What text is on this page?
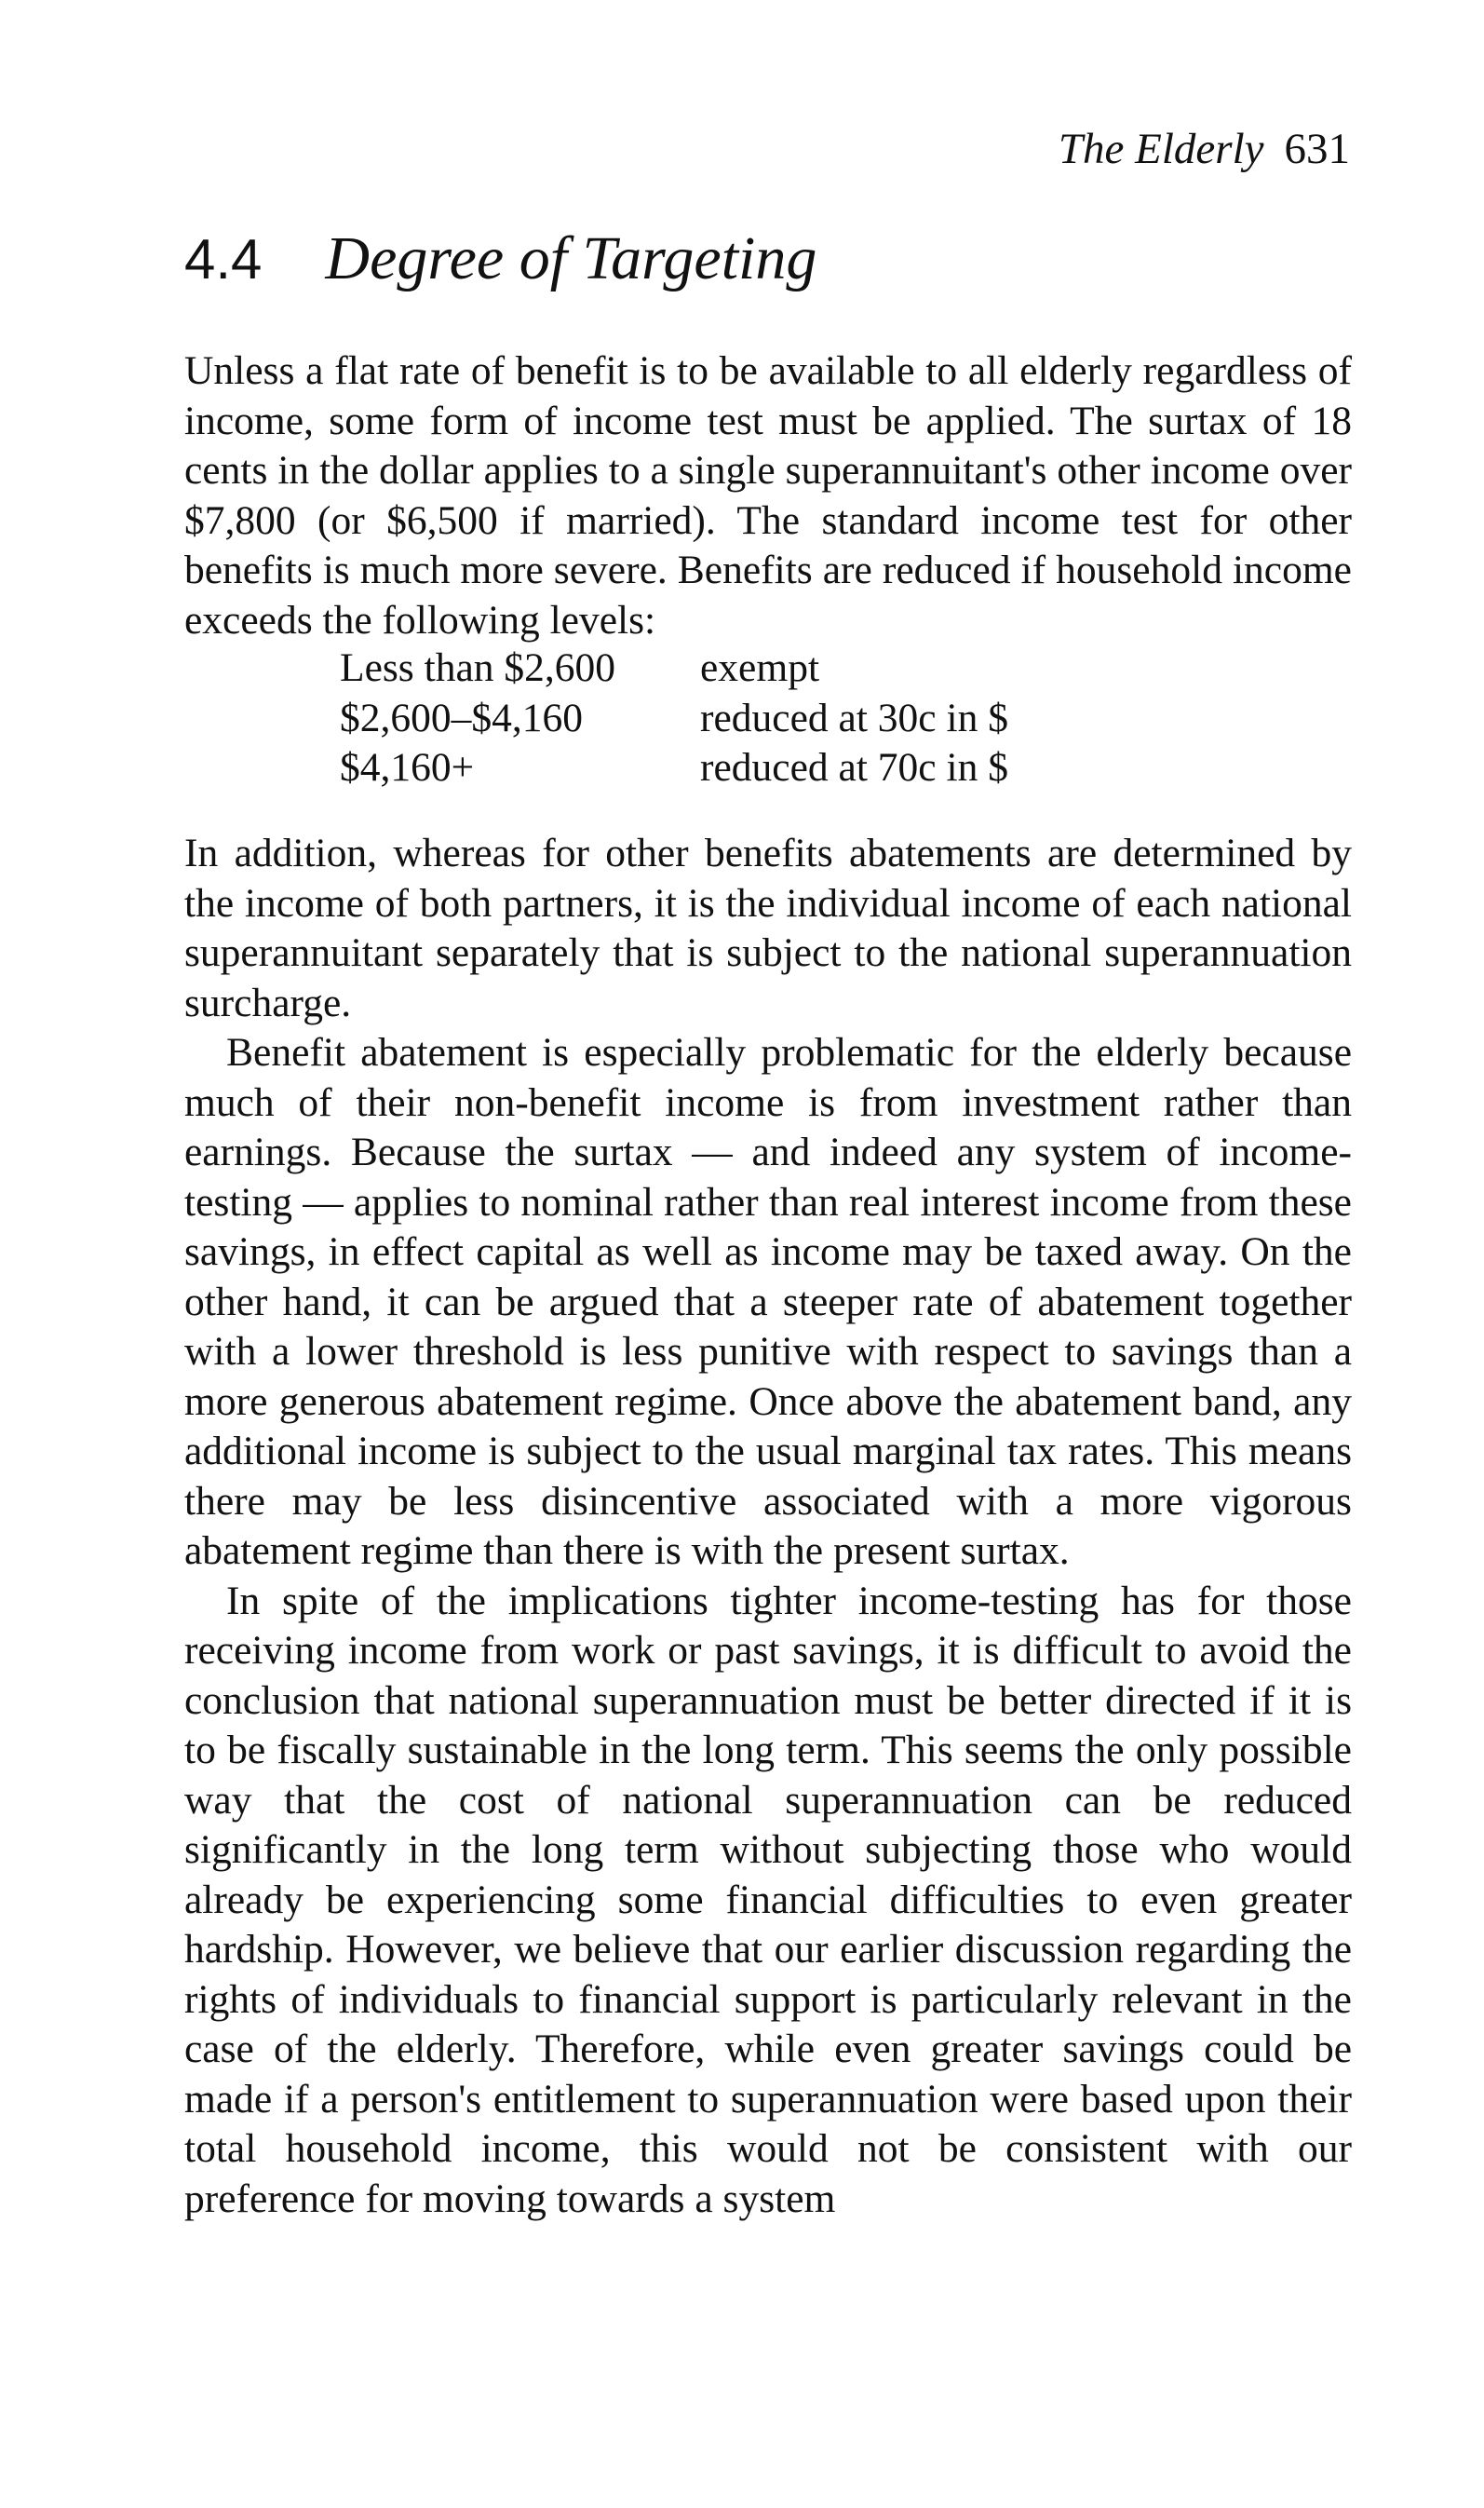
The Elderly 631
4.4 Degree of Targeting

Unless a flat rate of benefit is to be available to all elderly regardless of income, some form of income test must be applied. The surtax of 18 cents in the dollar applies to a single superannuitant's other income over $7,800 (or $6,500 if married). The standard income test for other benefits is much more severe. Benefits are reduced if household income exceeds the following levels:

Less than $2,600	exempt
$2,600–$4,160	reduced at 30c in $
$4,160+	reduced at 70c in $

In addition, whereas for other benefits abatements are determined by the income of both partners, it is the individual income of each national superannuitant separately that is subject to the national superannuation surcharge.

Benefit abatement is especially problematic for the elderly because much of their non-benefit income is from investment rather than earnings. Because the surtax — and indeed any system of income-testing — applies to nominal rather than real interest income from these savings, in effect capital as well as income may be taxed away. On the other hand, it can be argued that a steeper rate of abatement together with a lower threshold is less punitive with respect to savings than a more generous abatement regime. Once above the abatement band, any additional income is subject to the usual marginal tax rates. This means there may be less disincentive associated with a more vigorous abatement regime than there is with the present surtax.

In spite of the implications tighter income-testing has for those receiving income from work or past savings, it is difficult to avoid the conclusion that national superannuation must be better directed if it is to be fiscally sustainable in the long term. This seems the only possible way that the cost of national superannuation can be reduced significantly in the long term without subjecting those who would already be experiencing some financial difficulties to even greater hardship. However, we believe that our earlier discussion regarding the rights of individuals to financial support is particularly relevant in the case of the elderly. Therefore, while even greater savings could be made if a person's entitlement to superannuation were based upon their total household income, this would not be consistent with our preference for moving towards a system
